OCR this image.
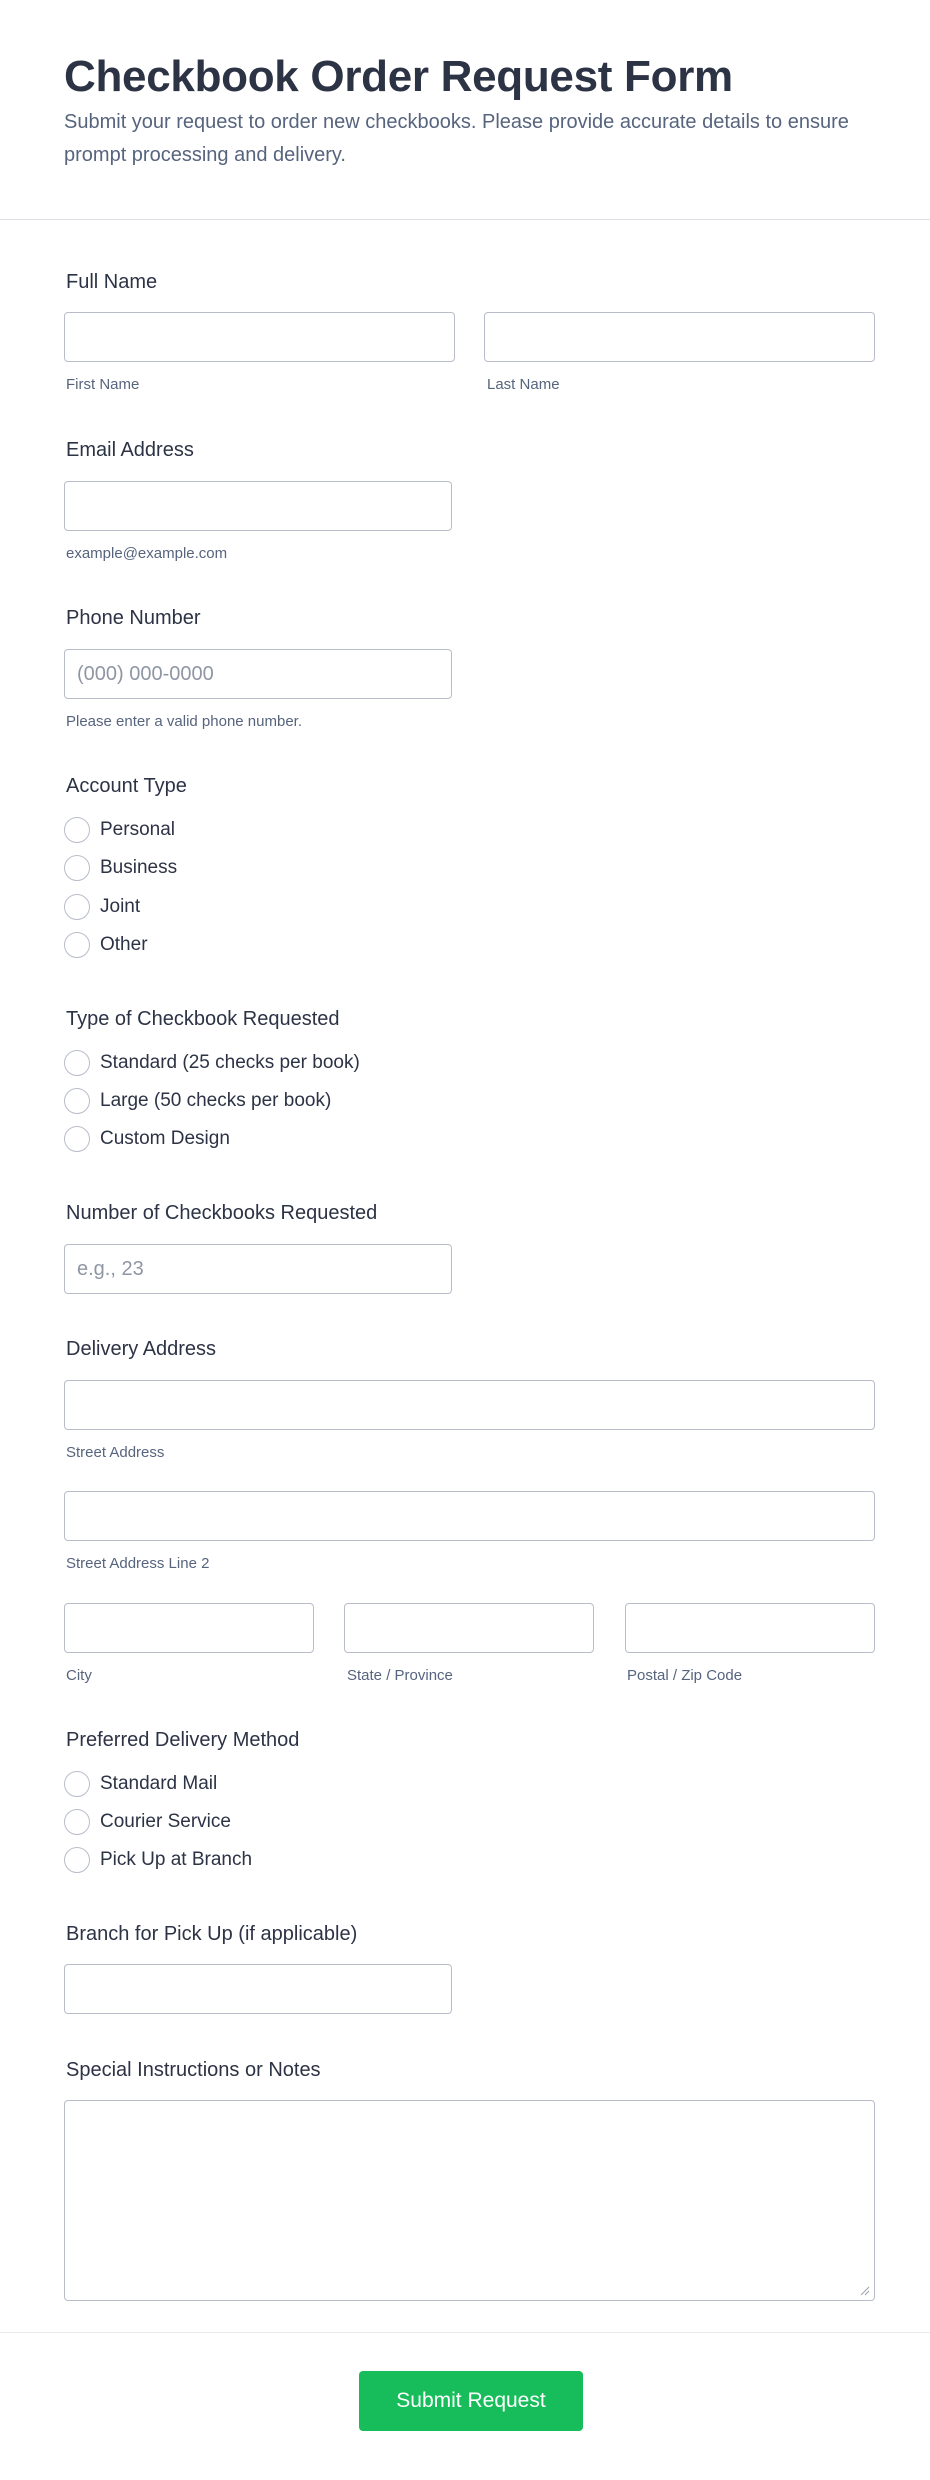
Checkbook Order Request Form

Submit your request to order new checkbooks. Please provide accurate details to ensure prompt processing and delivery.

Full Name
First Name	Last Name
Email Address
example@example.com
Phone Number
(000) 000-0000
Please enter a valid phone number.
Account Type
Personal
Business
Joint
Other
Type of Checkbook Requested
Standard (25 checks per book)
Large (50 checks per book)
Custom Design
Number of Checkbooks Requested
e.g., 23
Delivery Address
Street Address
Street Address Line 2
City	State / Province	Postal / Zip Code
Preferred Delivery Method
Standard Mail
Courier Service
Pick Up at Branch
Branch for Pick Up (if applicable)
Special Instructions or Notes
Submit Request
